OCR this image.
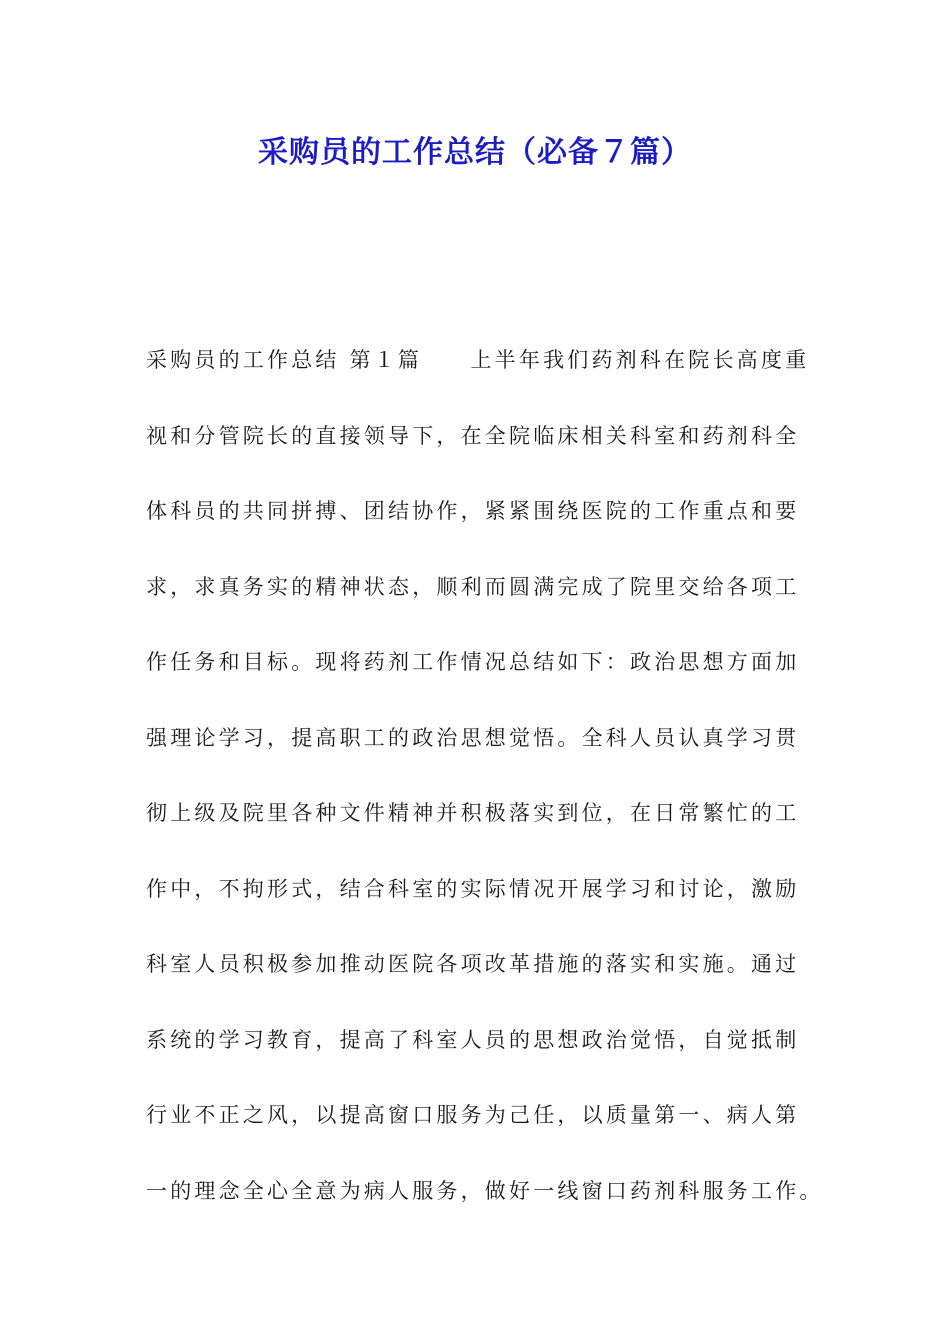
采购员的工作总结（必备７篇）
采购员的工作总结 第１篇　　上半年我们药剂科在院长高度重
视和分管院长的直接领导下，在全院临床相关科室和药剂科全
体科员的共同拼搏、团结协作，紧紧围绕医院的工作重点和要
求，求真务实的精神状态，顺利而圆满完成了院里交给各项工
作任务和目标。现将药剂工作情况总结如下：政治思想方面加
强理论学习，提高职工的政治思想觉悟。全科人员认真学习贯
彻上级及院里各种文件精神并积极落实到位，在日常繁忙的工
作中，不拘形式，结合科室的实际情况开展学习和讨论，激励
科室人员积极参加推动医院各项改革措施的落实和实施。通过
系统的学习教育，提高了科室人员的思想政治觉悟，自觉抵制
行业不正之风，以提高窗口服务为己任，以质量第一、病人第
一的理念全心全意为病人服务，做好一线窗口药剂科服务工作。
